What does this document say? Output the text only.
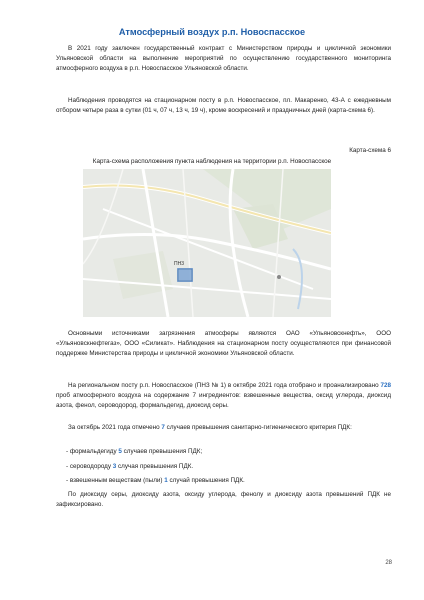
Атмосферный воздух р.п. Новоспасское
В 2021 году заключен государственный контракт с Министерством природы и цикличной экономики Ульяновской области на выполнение мероприятий по осуществлению государственного мониторинга атмосферного воздуха в р.п. Новоспасское Ульяновской области.
Наблюдения проводятся на стационарном посту в р.п. Новоспасское, пл. Макаренко, 43-А с ежедневным отбором четыре раза в сутки (01 ч, 07 ч, 13 ч, 19 ч), кроме воскресений и праздничных дней (карта-схема 6).
Карта-схема 6
Карта-схема расположения пункта наблюдения на территории р.п. Новоспасское
ПН3
Основными источниками загрязнения атмосферы являются ОАО «Ульяновскнефть», ООО «Ульяновскнефтегаз», ООО «Силикат». Наблюдения на стационарном посту осуществляются при финансовой поддержке Министерства природы и цикличной экономики Ульяновской области.
На региональном посту р.п. Новоспасское (ПНЗ № 1) в октябре 2021 года отобрано и проанализировано 728 проб атмосферного воздуха на содержание 7 ингредиентов: взвешенные вещества, оксид углерода, диоксид азота, фенол, сероводород, формальдегид, диоксид серы.
За октябрь 2021 года отмечено 7 случаев превышения санитарно-гигиенического критерия ПДК:
- формальдегиду 5 случаев превышения ПДК;
- сероводороду 3 случая превышения ПДК.
- взвешенным веществам (пыли) 1 случай превышения ПДК.
По диоксиду серы, диоксиду азота, оксиду углерода, фенолу и диоксиду азота превышений ПДК не зафиксировано.
28
